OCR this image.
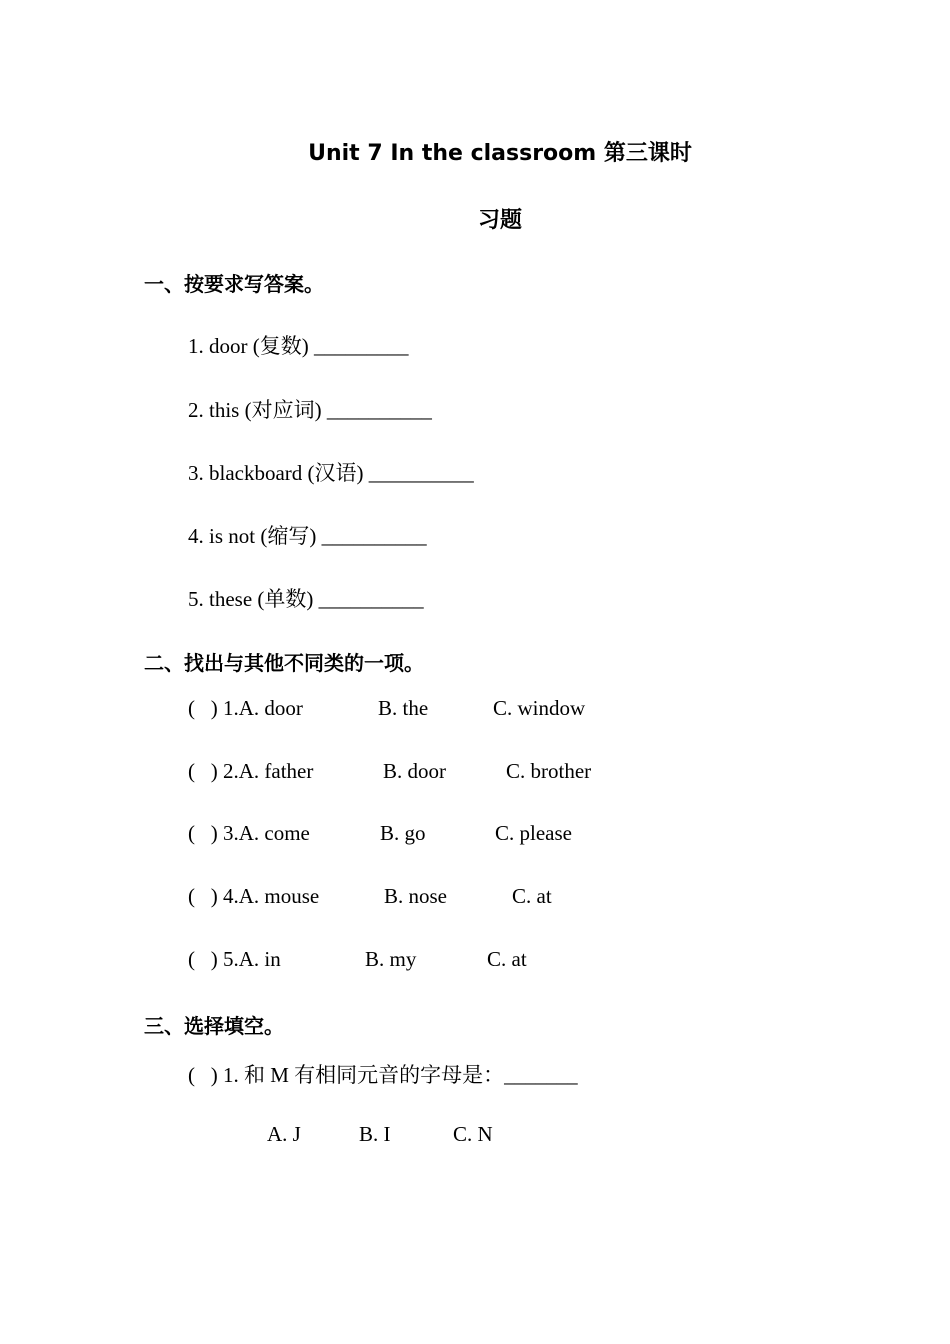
Unit 7 In the classroom 第三课时
习题
一、按要求写答案。
1. door (复数) _________
2. this (对应词) __________
3. blackboard (汉语) __________
4. is not (缩写) __________
5. these (单数) __________
二、找出与其他不同类的一项。

(   ) 1.A. door

	B. the

	C. window

(   ) 2.A. father

	B. door

	C. brother

(   ) 3.A. come

	B. go

	C. please

(   ) 4.A. mouse

	B. nose

	C. at

(   ) 5.A. in

	B. my

	C. at

三、选择填空。
(   ) 1. 和 M 有相同元音的字母是：_______

A. J

	B. I

	C. N
